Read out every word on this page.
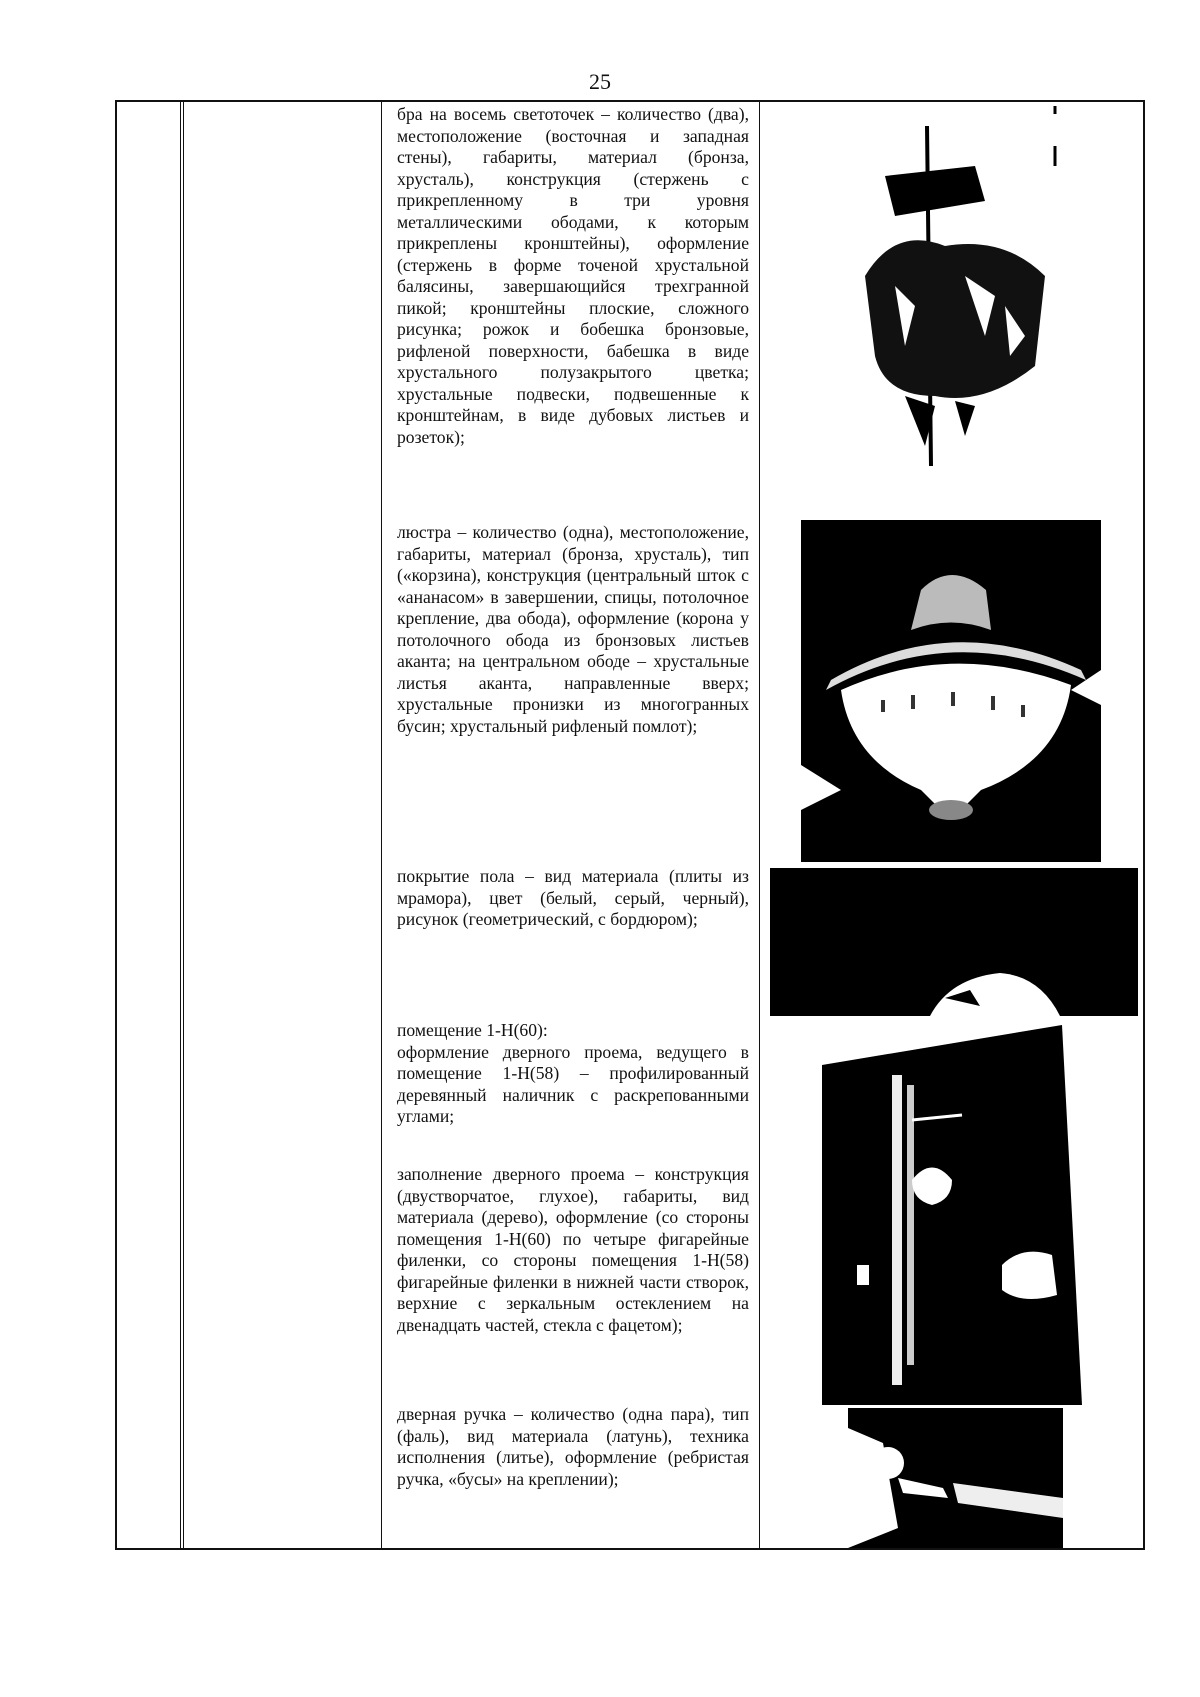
25

бра на восемь светоточек – количество (два), местоположение (восточная и западная стены), габариты, материал (бронза, хрусталь), конструкция (стержень с прикрепленному в три уровня металлическими ободами, к которым прикреплены кронштейны), оформление (стержень в форме точеной хрустальной балясины, завершающийся трехгранной пикой; кронштейны плоские, сложного рисунка; рожок и бобешка бронзовые, рифленой поверхности, бабешка в виде хрустального полузакрытого цветка; хрустальные подвески, подвешенные к кронштейнам, в виде дубовых листьев и розеток);

люстра – количество (одна), местоположение, габариты, материал (бронза, хрусталь), тип («корзина), конструкция (центральный шток с «ананасом» в завершении, спицы, потолочное крепление, два обода), оформление (корона у потолочного обода из бронзовых листьев аканта; на центральном ободе – хрустальные листья аканта, направленные вверх; хрустальные пронизки из многогранных бусин; хрустальный рифленый помлот);

покрытие пола – вид материала (плиты из мрамора), цвет (белый, серый, черный), рисунок (геометрический, с бордюром);

помещение 1-Н(60):

оформление дверного проема, ведущего в помещение 1-Н(58) – профилированный деревянный наличник с раскрепованными углами;

заполнение дверного проема – конструкция (двустворчатое, глухое), габариты, вид материала (дерево), оформление (со стороны помещения 1-Н(60) по четыре фигарейные филенки, со стороны помещения 1-Н(58) фигарейные филенки в нижней части створок, верхние с зеркальным остеклением на двенадцать частей, стекла с фацетом);

дверная ручка – количество (одна пара), тип (фаль), вид материала (латунь), техника исполнения (литье), оформление (ребристая ручка, «бусы» на креплении);
